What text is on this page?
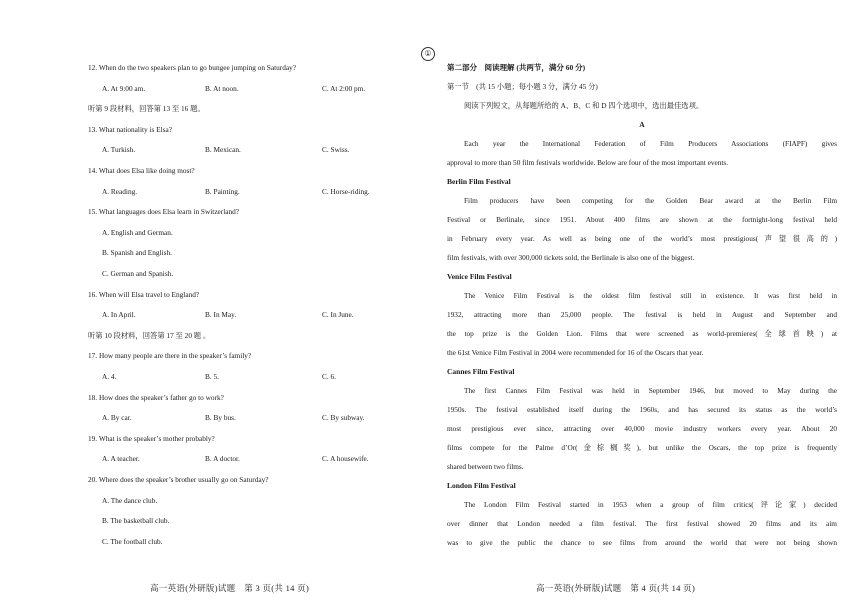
①
12. When do the two speakers plan to go bungee jumping on Saturday?
A. At 9:00 am.	B. At noon.	C. At 2:00 pm.
听第 9 段材料，回答第 13 至 16 题。
13. What nationality is Elsa?
A. Turkish.	B. Mexican.	C. Swiss.
14. What does Elsa like doing most?
A. Reading.	B. Painting.	C. Horse-riding.
15. What languages does Elsa learn in Switzerland?
A. English and German.
B. Spanish and English.
C. German and Spanish.
16. When will Elsa travel to England?
A. In April.	B. In May.	C. In June.
听第 10 段材料，回答第 17 至 20 题 。
17. How many people are there in the speaker’s family?
A. 4.	B. 5.	C. 6.
18. How does the speaker’s father go to work?
A. By car.	B. By bus.	C. By subway.
19. What is the speaker’s mother probably?
A. A teacher.	B. A doctor.	C. A housewife.
20. Where does the speaker’s brother usually go on Saturday?
A. The dance club.
B. The basketball club.
C. The football club.
第二部分　阅读理解 (共两节，满分 60 分)
第一节　(共 15 小题；每小题 3 分，满分 45 分)
阅读下列短文，从每题所给的 A、B、C 和 D 四个选项中，选出最佳选项。
A
Each year the International Federation of Film Producers Associations (FIAPF) gives
approval to more than 50 film festivals worldwide. Below are four of the most important events.
Berlin Film Festival
Film producers have been competing for the Golden Bear award at the Berlin Film
Festival or Berlinale, since 1951. About 400 films are shown at the fortnight-long festival held
in February every year. As well as being one of the world’s most prestigious(声望很高的)
film festivals, with over 300,000 tickets sold, the Berlinale is also one of the biggest.
Venice Film Festival
The Venice Film Festival is the oldest film festival still in existence. It was first held in
1932, attracting more than 25,000 people. The festival is held in August and September and
the top prize is the Golden Lion. Films that were screened as world-premieres(全球首映) at
the 61st Venice Film Festival in 2004 were recommended for 16 of the Oscars that year.
Cannes Film Festival
The first Cannes Film Festival was held in September 1946, but moved to May during the
1950s. The festival established itself during the 1960s, and has secured its status as the world’s
most prestigious ever since, attracting over 40,000 movie industry workers every year. About 20
films compete for the Palme d’Or(金棕榈奖), but unlike the Oscars, the top prize is frequently
shared between two films.
London Film Festival
The London Film Festival started in 1953 when a group of film critics(评论家) decided
over dinner that London needed a film festival. The first festival showed 20 films and its aim
was to give the public the chance to see films from around the world that were not being shown
高一英语(外研版)试题　第 3 页(共 14 页)	高一英语(外研版)试题　第 4 页(共 14 页)
